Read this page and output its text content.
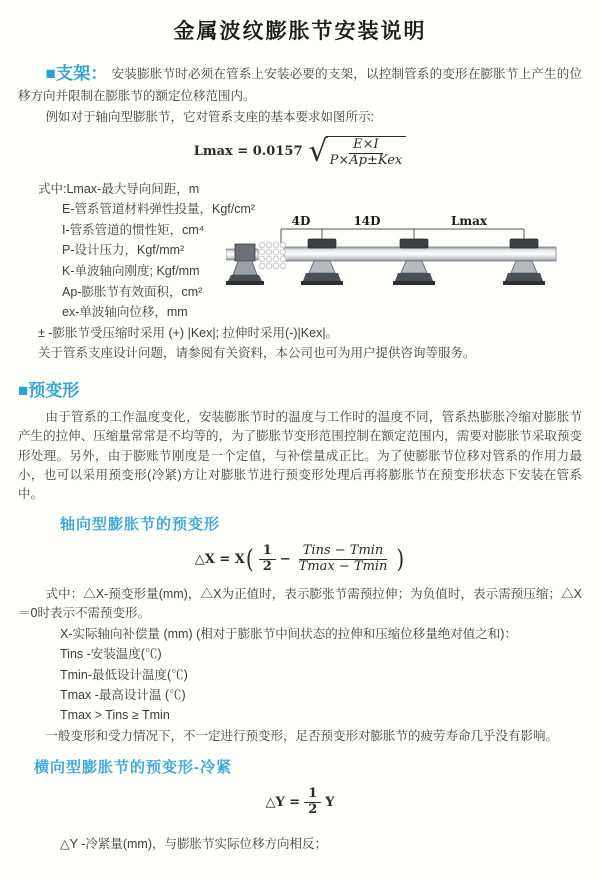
金属波纹膨胀节安装说明

■支架： 安装膨胀节时必须在管系上安装必要的支架，以控制管系的变形在膨胀节上产生的位移方向并限制在膨胀节的额定位移范围内。

例如对于轴向型膨胀节，它对管系支座的基本要求如图所示:

Lmax = 0.0157 √
$\frac{E\times I}{\text{P×Ap±Kex}}$
式中:Lmax-最大导向间距，m
E-管系管道材料弹性投量，Kgf/cm²
I-管系管道的惯性矩，cm⁴
P-设计压力，Kgf/mm²
K-单波轴向刚度; Kgf/mm
Ap-膨胀节有效面积，cm²
ex-单波轴向位移，mm
4D	14D	Lmax
± -膨胀节受压缩时采用 (+) |Kex|; 拉伸时采用(-)|Kex|。
关于管系支座设计问题，请参阅有关资料，本公司也可为用户提供咨询等服务。
■预变形

由于管系的工作温度变化，安装膨胀节时的温度与工作时的温度不同，管系热膨胀冷缩对膨胀节产生的拉伸、压缩量常常是不均等的，为了膨胀节变形范围控制在额定范围内，需要对膨胀节采取预变形处理。另外，由于膨账节刚度是一个定值，与补偿量成正比。为了使膨胀节位移对管系的作用力最小，也可以采用预变形(冷紧)方让对膨胀节进行预变形处理后再将膨胀节在预变形状态下安装在管系中。

轴向型膨胀节的预变形
△X = X ( $\frac{1}{2} - \frac{\text{Tins − Tmin}}{Tmax - Tmin}$ )
式中：△X-预变形量(mm)，△X为正值时，表示膨张节需预拉伸；为负值时，表示需预压缩；△X＝0时表示不需预变形。
X-实际轴向补偿量 (mm) (相对于膨胀节中间状态的拉伸和压缩位移量绝对值之和)：
Tins -安装温度(℃)
Tmin-最低设计温度(℃)
Tmax -最高设计温 (℃)
Tmax > Tins ≥ Tmin
一般变形和受力情况下，不一定进行预变形，足否预变形对膨胀节的疲劳寿命几乎没有影响。
横向型膨胀节的预变形-冷紧
△Y = $\frac{1}{2}$ Y
△Y -冷紧量(mm)，与膨胀节实际位移方向相反；
